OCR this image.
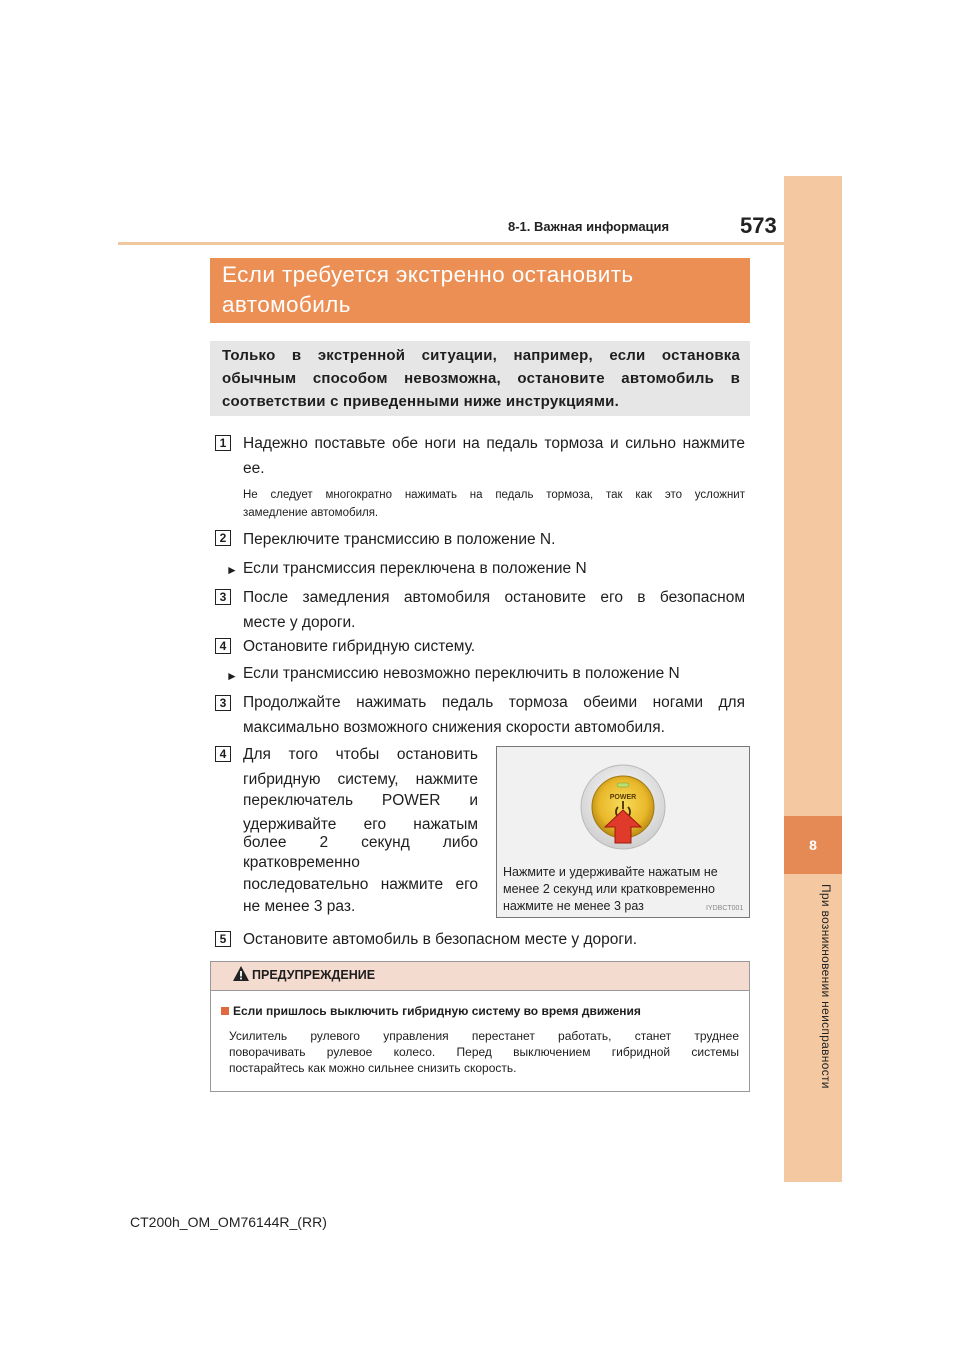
8-1. Важная информация	573
8
При возникновении неисправности
Если требуется экстренно остановить
автомобиль
Только в экстренной ситуации, например, если остановка
обычным способом невозможна, остановите автомобиль в
соответствии с приведенными ниже инструкциями.
1	Надежно поставьте обе ноги на педаль тормоза и сильно нажмите
ее.
Не следует многократно нажимать на педаль тормоза, так как это усложнит
замедление автомобиля.
2	Переключите трансмиссию в положение N.
► Если трансмиссия переключена в положение N
3	После замедления автомобиля остановите его в безопасном
месте у дороги.
4	Остановите гибридную систему.
► Если трансмиссию невозможно переключить в положение N
3	Продолжайте нажимать педаль тормоза обеими ногами для
максимально возможного снижения скорости автомобиля.
4	Для того чтобы остановить
гибридную систему, нажмите
переключатель POWER и
удерживайте его нажатым
более 2 секунд либо
кратковременно
последовательно нажмите его
не менее 3 раз.
POWER
Нажмите и удерживайте нажатым не
менее 2 секунд или кратковременно
нажмите не менее 3 раз	IYDBCT001
5	Остановите автомобиль в безопасном месте у дороги.
ПРЕДУПРЕЖДЕНИЕ
Если пришлось выключить гибридную систему во время движения
Усилитель рулевого управления перестанет работать, станет труднее
поворачивать рулевое колесо. Перед выключением гибридной системы
постарайтесь как можно сильнее снизить скорость.
CT200h_OM_OM76144R_(RR)
